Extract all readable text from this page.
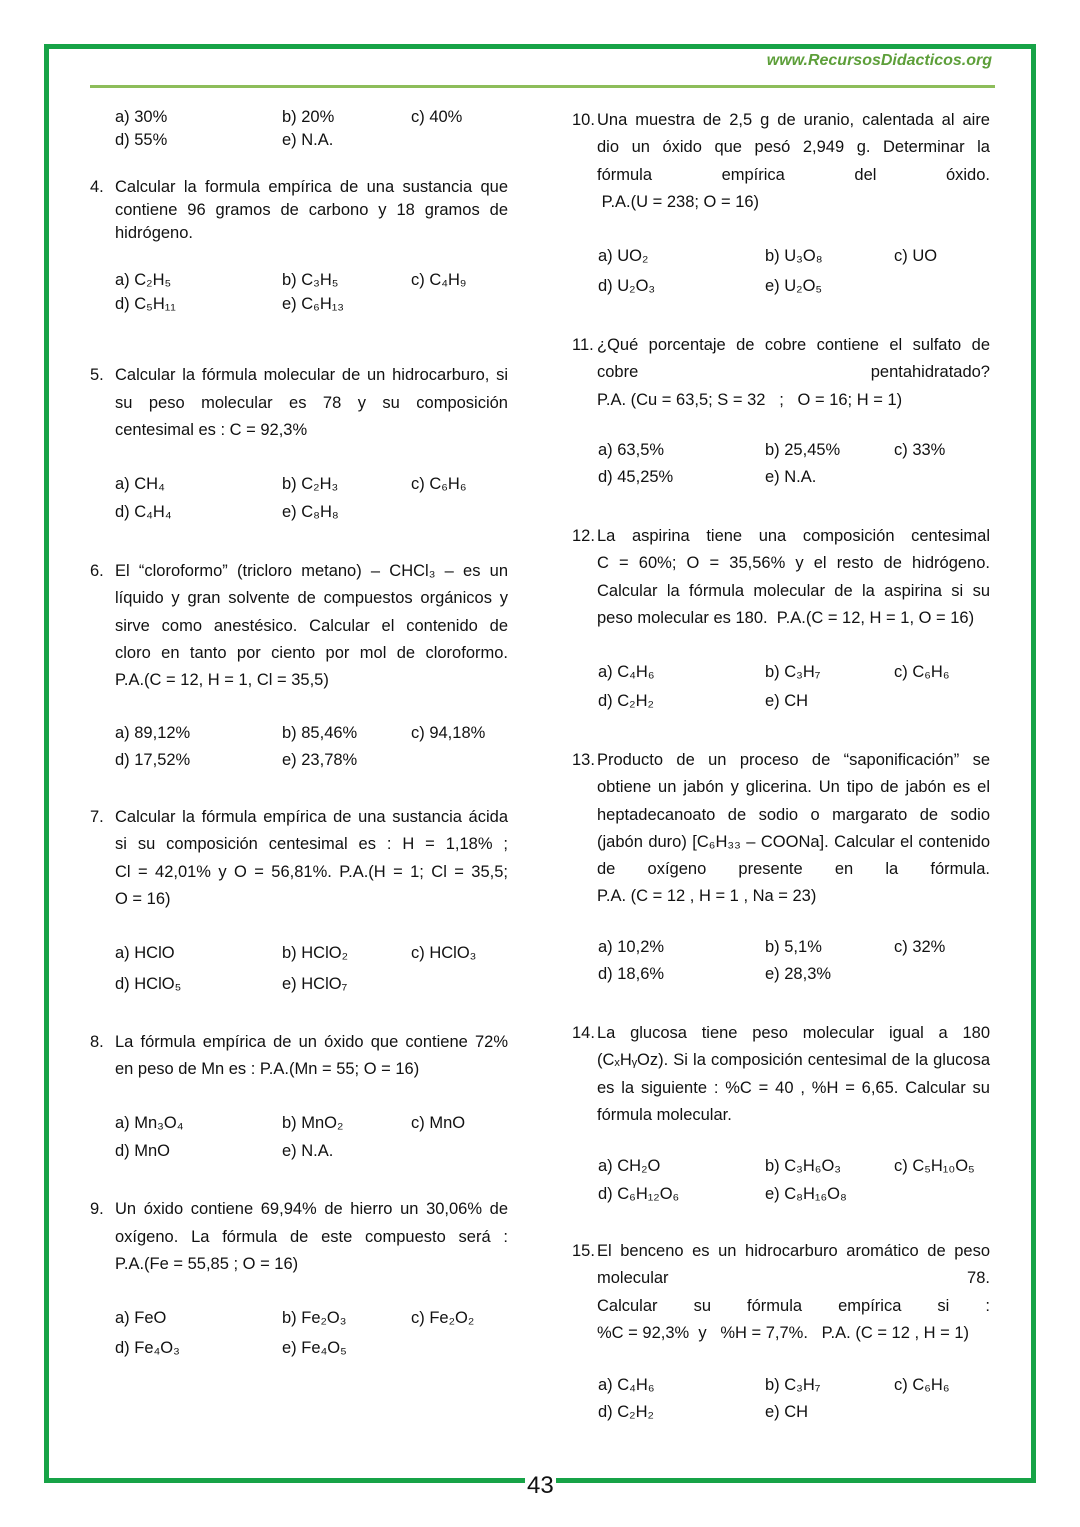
www.RecursosDidacticos.org
a) 30%	b) 20%	c) 40%
d) 55%	e) N.A.
4. Calcular la formula empírica de una sustancia que
contiene 96 gramos de carbono y 18 gramos de
hidrógeno.
a) C₂H₅	b) C₃H₅	c) C₄H₉
d) C₅H₁₁	e) C₆H₁₃
5. Calcular la fórmula molecular de un hidrocarburo, si
su peso molecular es 78 y su composición
centesimal es : C = 92,3%
a) CH₄	b) C₂H₃	c) C₆H₆
d) C₄H₄	e) C₈H₈
6. El “cloroformo” (tricloro metano) – CHCl₃ – es un
líquido y gran solvente de compuestos orgánicos y
sirve como anestésico. Calcular el contenido de
cloro en tanto por ciento por mol de cloroformo.
P.A.(C = 12, H = 1, Cl = 35,5)
a) 89,12%	b) 85,46%	c) 94,18%
d) 17,52%	e) 23,78%
7. Calcular la fórmula empírica de una sustancia ácida
si su composición centesimal es : H = 1,18% ;
Cl = 42,01% y O = 56,81%. P.A.(H = 1; Cl = 35,5;
O = 16)
a) HClO	b) HClO₂	c) HClO₃
d) HClO₅	e) HClO₇
8. La fórmula empírica de un óxido que contiene 72%
en peso de Mn es : P.A.(Mn = 55; O = 16)
a) Mn₃O₄	b) MnO₂	c) MnO
d) MnO	e) N.A.
9. Un óxido contiene 69,94% de hierro un 30,06% de
oxígeno. La fórmula de este compuesto será :
P.A.(Fe = 55,85 ; O = 16)
a) FeO	b) Fe₂O₃	c) Fe₂O₂
d) Fe₄O₃	e) Fe₄O₅
10. Una muestra de 2,5 g de uranio, calentada al aire
dio un óxido que pesó 2,949 g. Determinar la
fórmula empírica del óxido.
P.A.(U = 238; O = 16)
a) UO₂	b) U₃O₈	c) UO
d) U₂O₃	e) U₂O₅
11. ¿Qué porcentaje de cobre contiene el sulfato de
cobre pentahidratado?
P.A. (Cu = 63,5; S = 32   ;   O = 16; H = 1)
a) 63,5%	b) 25,45%	c) 33%
d) 45,25%	e) N.A.
12. La aspirina tiene una composición centesimal
C = 60%; O = 35,56% y el resto de hidrógeno.
Calcular la fórmula molecular de la aspirina si su
peso molecular es 180.  P.A.(C = 12, H = 1, O = 16)
a) C₄H₆	b) C₃H₇	c) C₆H₆
d) C₂H₂	e) CH
13. Producto de un proceso de “saponificación” se
obtiene un jabón y glicerina. Un tipo de jabón es el
heptadecanoato de sodio o margarato de sodio
(jabón duro) [C₆H₃₃ – COONa]. Calcular el contenido
de oxígeno presente en la fórmula.
P.A. (C = 12 , H = 1 , Na = 23)
a) 10,2%	b) 5,1%	c) 32%
d) 18,6%	e) 28,3%
14. La glucosa tiene peso molecular igual a 180
(CₓHᵧOz). Si la composición centesimal de la glucosa
es la siguiente : %C = 40 , %H = 6,65. Calcular su
fórmula molecular.
a) CH₂O	b) C₃H₆O₃	c) C₅H₁₀O₅
d) C₆H₁₂O₆	e) C₈H₁₆O₈
15. El benceno es un hidrocarburo aromático de peso
molecular 78.
Calcular su fórmula empírica si :
%C = 92,3%  y   %H = 7,7%.   P.A. (C = 12 , H = 1)
a) C₄H₆	b) C₃H₇	c) C₆H₆
d) C₂H₂	e) CH
43
